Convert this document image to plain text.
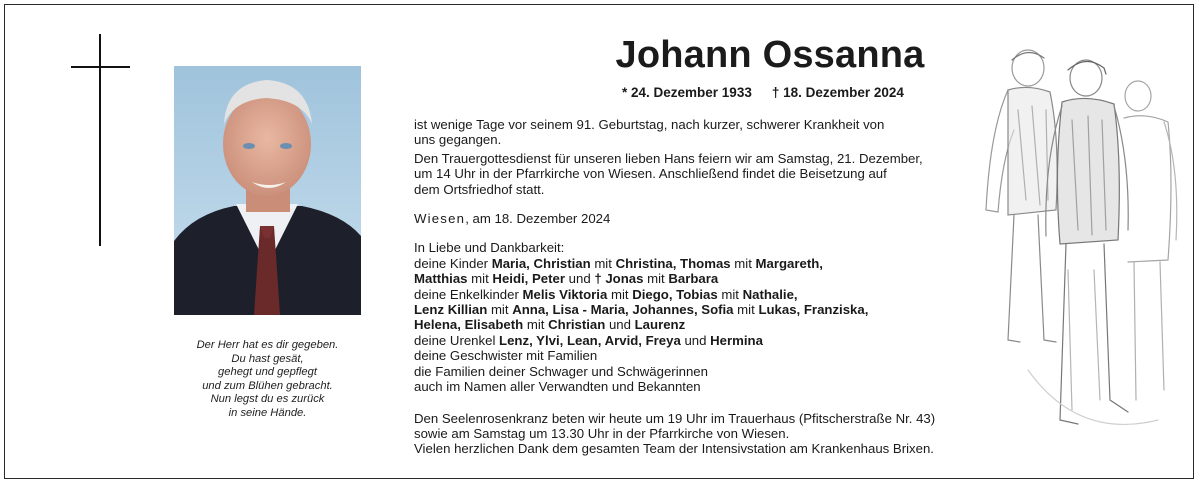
Der Herr hat es dir gegeben.
Du hast gesät,
gehegt und gepflegt
und zum Blühen gebracht.
Nun legst du es zurück
in seine Hände.
Johann Ossanna
* 24. Dezember 1933 † 18. Dezember 2024

ist wenige Tage vor seinem 91. Geburtstag, nach kurzer, schwerer Krankheit von

uns gegangen.

Den Trauergottesdienst für unseren lieben Hans feiern wir am Samstag, 21. Dezember,

um 14 Uhr in der Pfarrkirche von Wiesen. Anschließend findet die Beisetzung auf

dem Ortsfriedhof statt.

Wiesen, am 18. Dezember 2024

In Liebe und Dankbarkeit:

deine Kinder Maria, Christian mit Christina, Thomas mit Margareth,

Matthias mit Heidi, Peter und † Jonas mit Barbara

deine Enkelkinder Melis Viktoria mit Diego, Tobias mit Nathalie,

Lenz Killian mit Anna, Lisa - Maria, Johannes, Sofia mit Lukas, Franziska,

Helena, Elisabeth mit Christian und Laurenz

deine Urenkel Lenz, Ylvi, Lean, Arvid, Freya und Hermina

deine Geschwister mit Familien

die Familien deiner Schwager und Schwägerinnen

auch im Namen aller Verwandten und Bekannten

Den Seelenrosenkranz beten wir heute um 19 Uhr im Trauerhaus (Pfitscherstraße Nr. 43)

sowie am Samstag um 13.30 Uhr in der Pfarrkirche von Wiesen.

Vielen herzlichen Dank dem gesamten Team der Intensivstation am Krankenhaus Brixen.
